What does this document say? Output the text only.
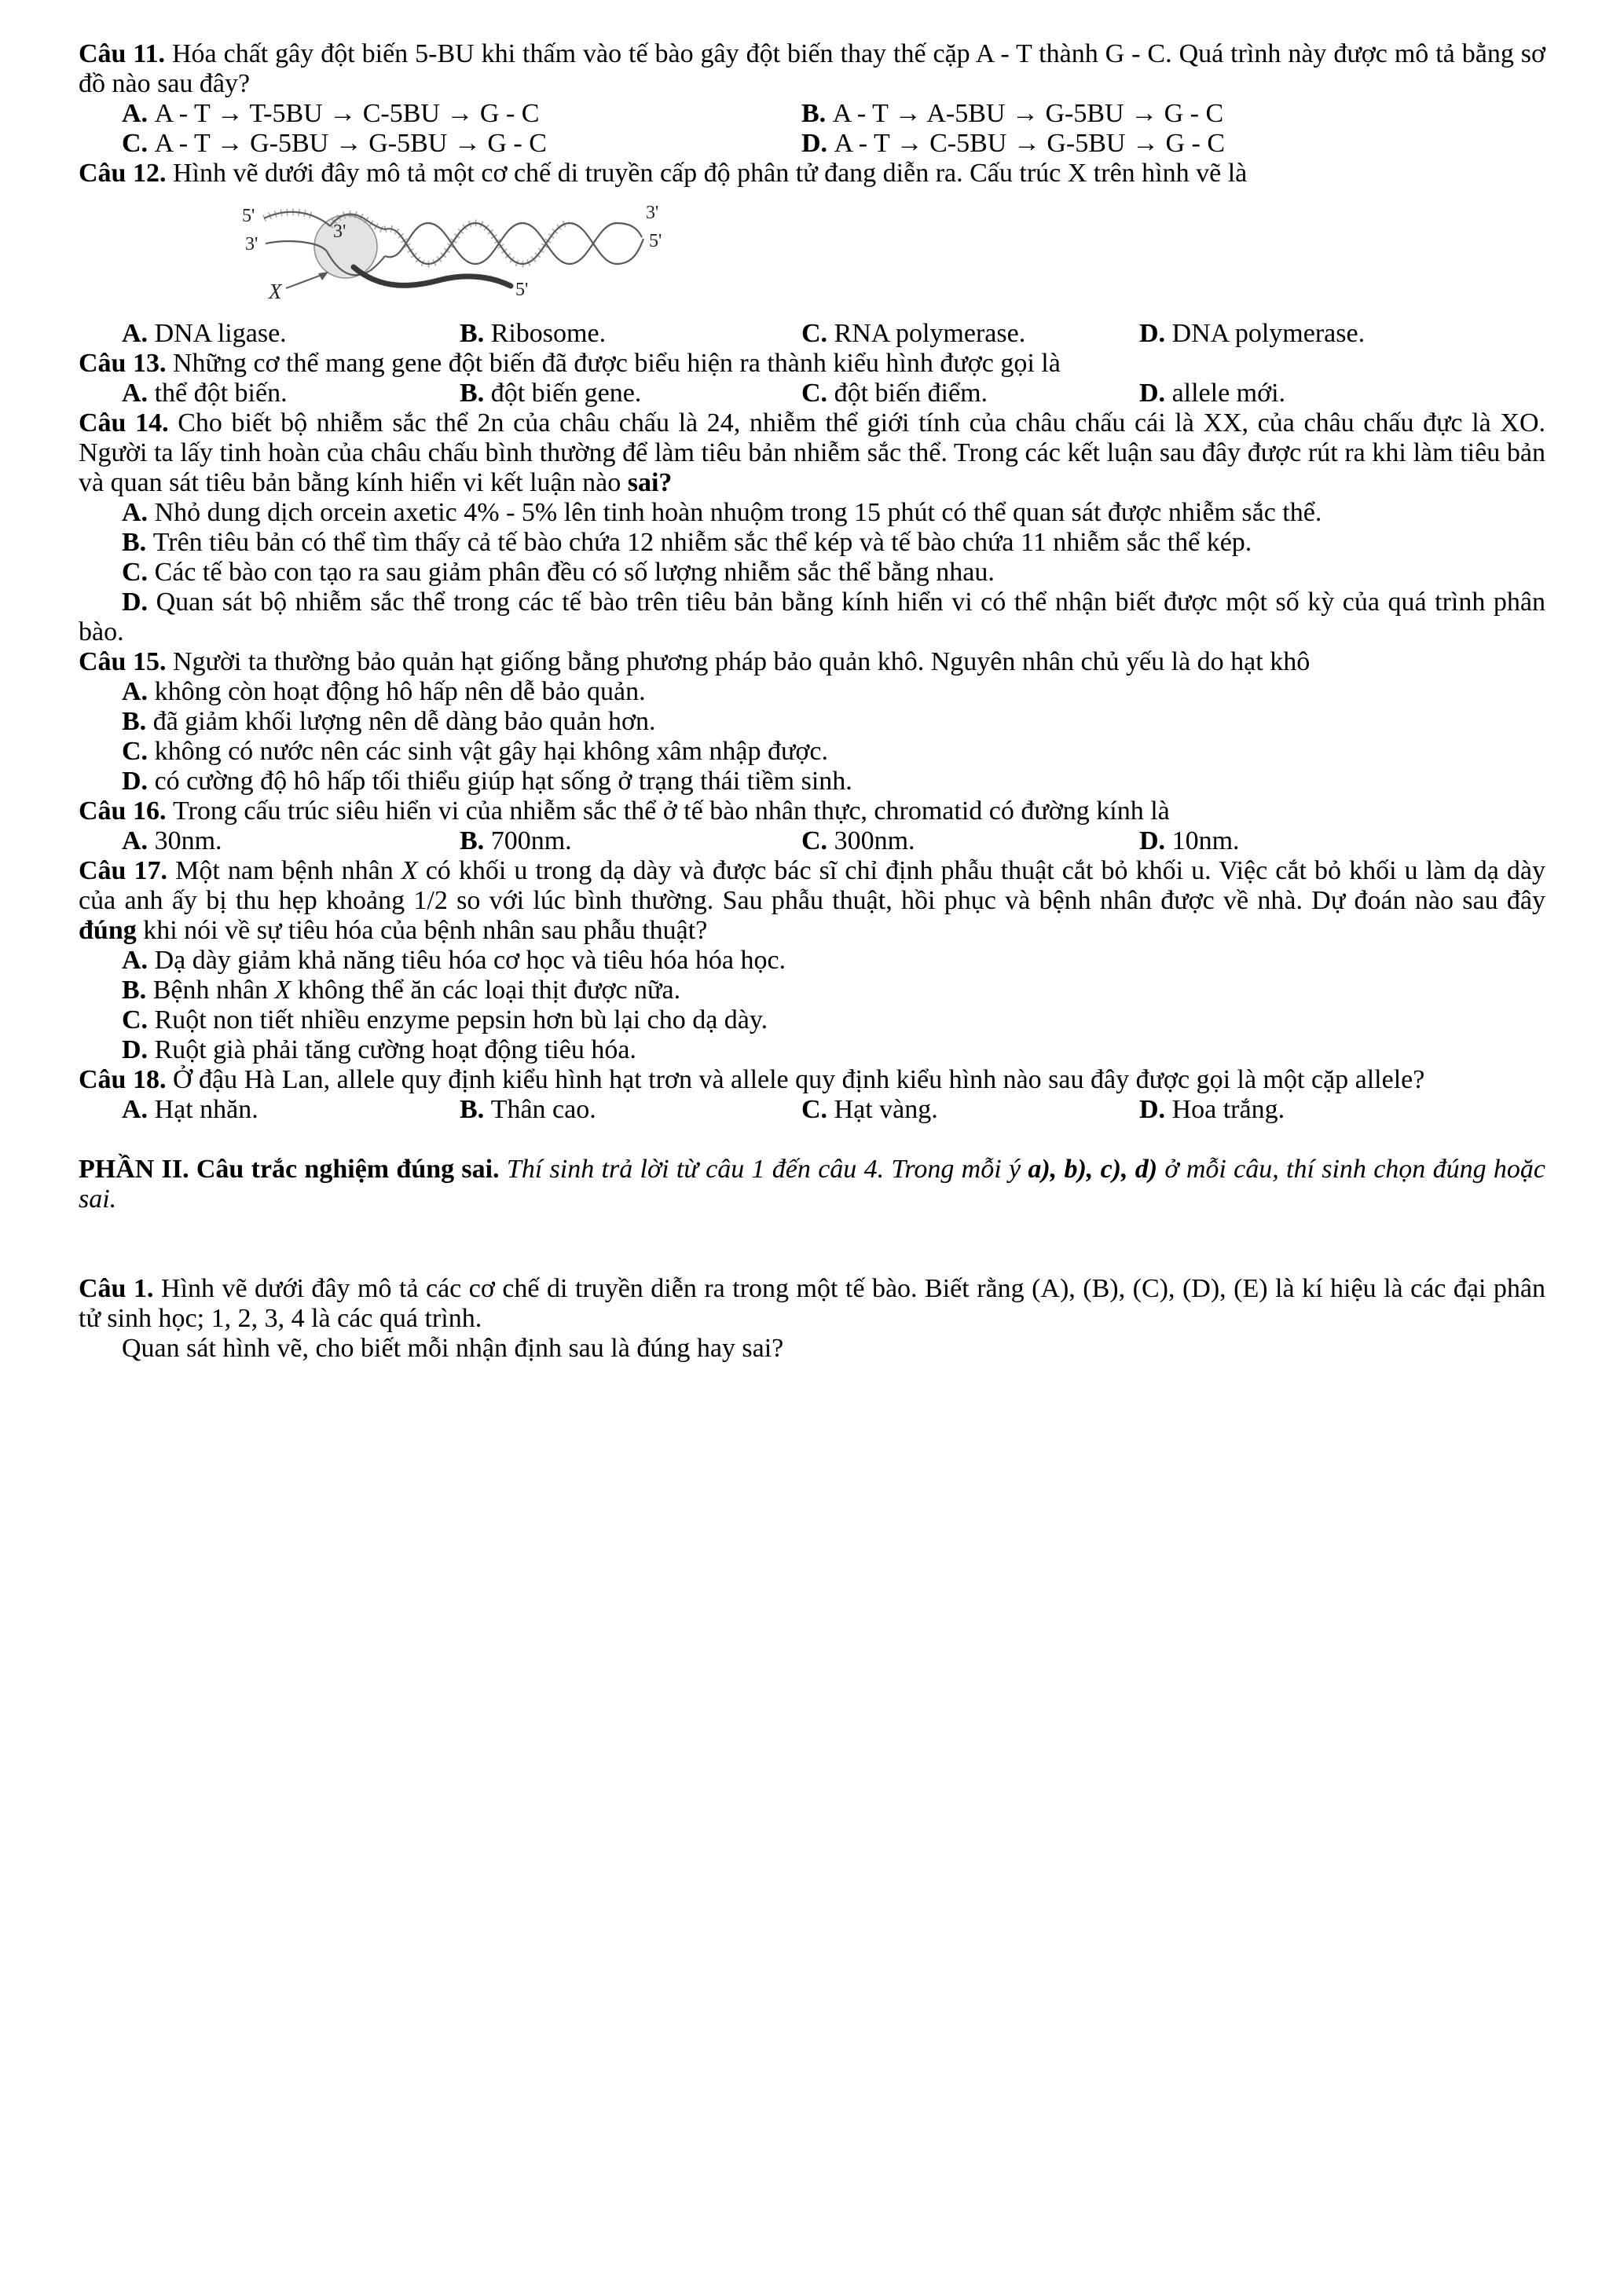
Câu 11. Hóa chất gây đột biến 5-BU khi thấm vào tế bào gây đột biến thay thế cặp A - T thành G - C. Quá trình này được mô tả bằng sơ đồ nào sau đây?
A. A - T → T-5BU → C-5BU → G - C	B. A - T → A-5BU → G-5BU → G - C
C. A - T → G-5BU → G-5BU → G - C	D. A - T → C-5BU → G-5BU → G - C
Câu 12. Hình vẽ dưới đây mô tả một cơ chế di truyền cấp độ phân tử đang diễn ra. Cấu trúc X trên hình vẽ là
5'
3'
3'
3'
5'
5'
X
A. DNA ligase.	B. Ribosome.	C. RNA polymerase.	D. DNA polymerase.
Câu 13. Những cơ thể mang gene đột biến đã được biểu hiện ra thành kiểu hình được gọi là
A. thể đột biến.	B. đột biến gene.	C. đột biến điểm.	D. allele mới.
Câu 14. Cho biết bộ nhiễm sắc thể 2n của châu chấu là 24, nhiễm thể giới tính của châu chấu cái là XX, của châu chấu đực là XO. Người ta lấy tinh hoàn của châu chấu bình thường để làm tiêu bản nhiễm sắc thể. Trong các kết luận sau đây được rút ra khi làm tiêu bản và quan sát tiêu bản bằng kính hiển vi kết luận nào sai?
A. Nhỏ dung dịch orcein axetic 4% - 5% lên tinh hoàn nhuộm trong 15 phút có thể quan sát được nhiễm sắc thể.
B. Trên tiêu bản có thể tìm thấy cả tế bào chứa 12 nhiễm sắc thể kép và tế bào chứa 11 nhiễm sắc thể kép.
C. Các tế bào con tạo ra sau giảm phân đều có số lượng nhiễm sắc thể bằng nhau.
D. Quan sát bộ nhiễm sắc thể trong các tế bào trên tiêu bản bằng kính hiển vi có thể nhận biết được một số kỳ của quá trình phân bào.
Câu 15. Người ta thường bảo quản hạt giống bằng phương pháp bảo quản khô. Nguyên nhân chủ yếu là do hạt khô
A. không còn hoạt động hô hấp nên dễ bảo quản.
B. đã giảm khối lượng nên dễ dàng bảo quản hơn.
C. không có nước nên các sinh vật gây hại không xâm nhập được.
D. có cường độ hô hấp tối thiểu giúp hạt sống ở trạng thái tiềm sinh.
Câu 16. Trong cấu trúc siêu hiển vi của nhiễm sắc thể ở tế bào nhân thực, chromatid có đường kính là
A. 30nm.	B. 700nm.	C. 300nm.	D. 10nm.
Câu 17. Một nam bệnh nhân X có khối u trong dạ dày và được bác sĩ chỉ định phẫu thuật cắt bỏ khối u. Việc cắt bỏ khối u làm dạ dày của anh ấy bị thu hẹp khoảng 1/2 so với lúc bình thường. Sau phẫu thuật, hồi phục và bệnh nhân được về nhà. Dự đoán nào sau đây đúng khi nói về sự tiêu hóa của bệnh nhân sau phẫu thuật?
A. Dạ dày giảm khả năng tiêu hóa cơ học và tiêu hóa hóa học.
B. Bệnh nhân X không thể ăn các loại thịt được nữa.
C. Ruột non tiết nhiều enzyme pepsin hơn bù lại cho dạ dày.
D. Ruột già phải tăng cường hoạt động tiêu hóa.
Câu 18. Ở đậu Hà Lan, allele quy định kiểu hình hạt trơn và allele quy định kiểu hình nào sau đây được gọi là một cặp allele?
A. Hạt nhăn.	B. Thân cao.	C. Hạt vàng.	D. Hoa trắng.
PHẦN II. Câu trắc nghiệm đúng sai. Thí sinh trả lời từ câu 1 đến câu 4. Trong mỗi ý a), b), c), d) ở mỗi câu, thí sinh chọn đúng hoặc sai.
Câu 1. Hình vẽ dưới đây mô tả các cơ chế di truyền diễn ra trong một tế bào. Biết rằng (A), (B), (C), (D), (E) là kí hiệu là các đại phân tử sinh học; 1, 2, 3, 4 là các quá trình.
Quan sát hình vẽ, cho biết mỗi nhận định sau là đúng hay sai?
